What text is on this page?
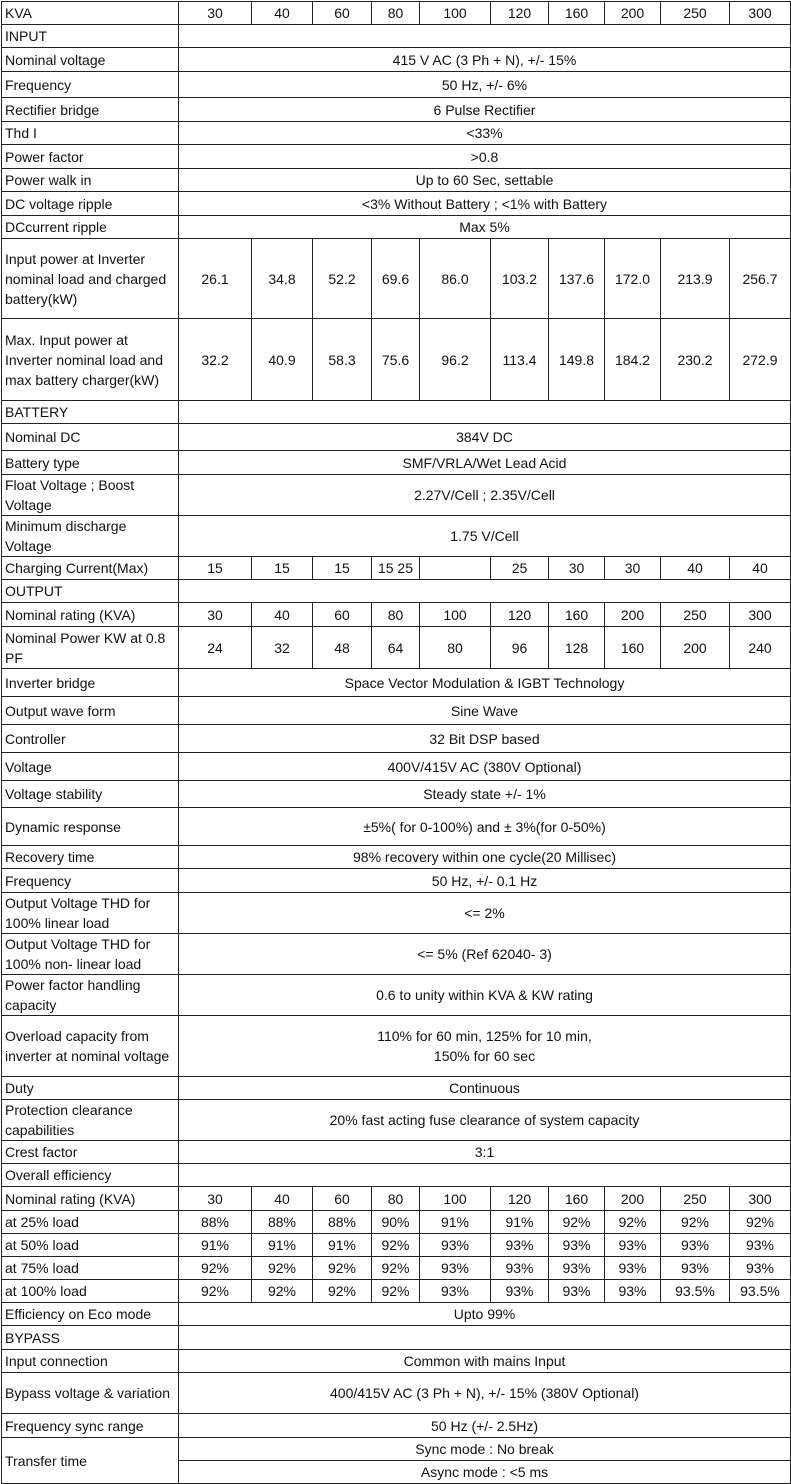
KVA	30	40	60	80	100	120	160	200	250	300
INPUT										
Nominal voltage	415 V AC (3 Ph + N), +/- 15%									
Frequency	50 Hz, +/- 6%									
Rectifier bridge	6 Pulse Rectifier									
Thd I	<33%									
Power factor	>0.8									
Power walk in	Up to 60 Sec, settable									
DC voltage ripple	<3% Without Battery ; <1% with Battery									
DCcurrent ripple	Max 5%									
Input power at Inverter nominal load and charged battery(kW)	26.1	34.8	52.2	69.6	86.0	103.2	137.6	172.0	213.9	256.7
Max. Input power at Inverter nominal load and max battery charger(kW)	32.2	40.9	58.3	75.6	96.2	113.4	149.8	184.2	230.2	272.9
BATTERY										
Nominal DC	384V DC									
Battery type	SMF/VRLA/Wet Lead Acid									
Float Voltage ; Boost Voltage	2.27V/Cell ; 2.35V/Cell									
Minimum discharge Voltage	1.75 V/Cell									
Charging Current(Max)	15	15	15	15 25		25	30	30	40	40
OUTPUT										
Nominal rating (KVA)	30	40	60	80	100	120	160	200	250	300
Nominal Power KW at 0.8 PF	24	32	48	64	80	96	128	160	200	240
Inverter bridge	Space Vector Modulation & IGBT Technology									
Output wave form	Sine Wave									
Controller	32 Bit DSP based									
Voltage	400V/415V AC (380V Optional)									
Voltage stability	Steady state +/- 1%									
Dynamic response	±5%( for 0-100%) and ± 3%(for 0-50%)									
Recovery time	98% recovery within one cycle(20 Millisec)									
Frequency	50 Hz, +/- 0.1 Hz									
Output Voltage THD for 100% linear load	<= 2%									
Output Voltage THD for 100% non- linear load	<= 5% (Ref 62040- 3)									
Power factor handling capacity	0.6 to unity within KVA & KW rating									
Overload capacity from inverter at nominal voltage	110% for 60 min, 125% for 10 min,
150% for 60 sec									
Duty	Continuous									
Protection clearance capabilities	20% fast acting fuse clearance of system capacity									
Crest factor	3:1									
Overall efficiency										
Nominal rating (KVA)	30	40	60	80	100	120	160	200	250	300
at 25% load	88%	88%	88%	90%	91%	91%	92%	92%	92%	92%
at 50% load	91%	91%	91%	92%	93%	93%	93%	93%	93%	93%
at 75% load	92%	92%	92%	92%	93%	93%	93%	93%	93%	93%
at 100% load	92%	92%	92%	92%	93%	93%	93%	93%	93.5%	93.5%
Efficiency on Eco mode	Upto 99%									
BYPASS										
Input connection	Common with mains Input									
Bypass voltage & variation	400/415V AC (3 Ph + N), +/- 15% (380V Optional)									
Frequency sync range	50 Hz (+/- 2.5Hz)									
Transfer time	Sync mode : No break									
	Async mode : <5 ms									
